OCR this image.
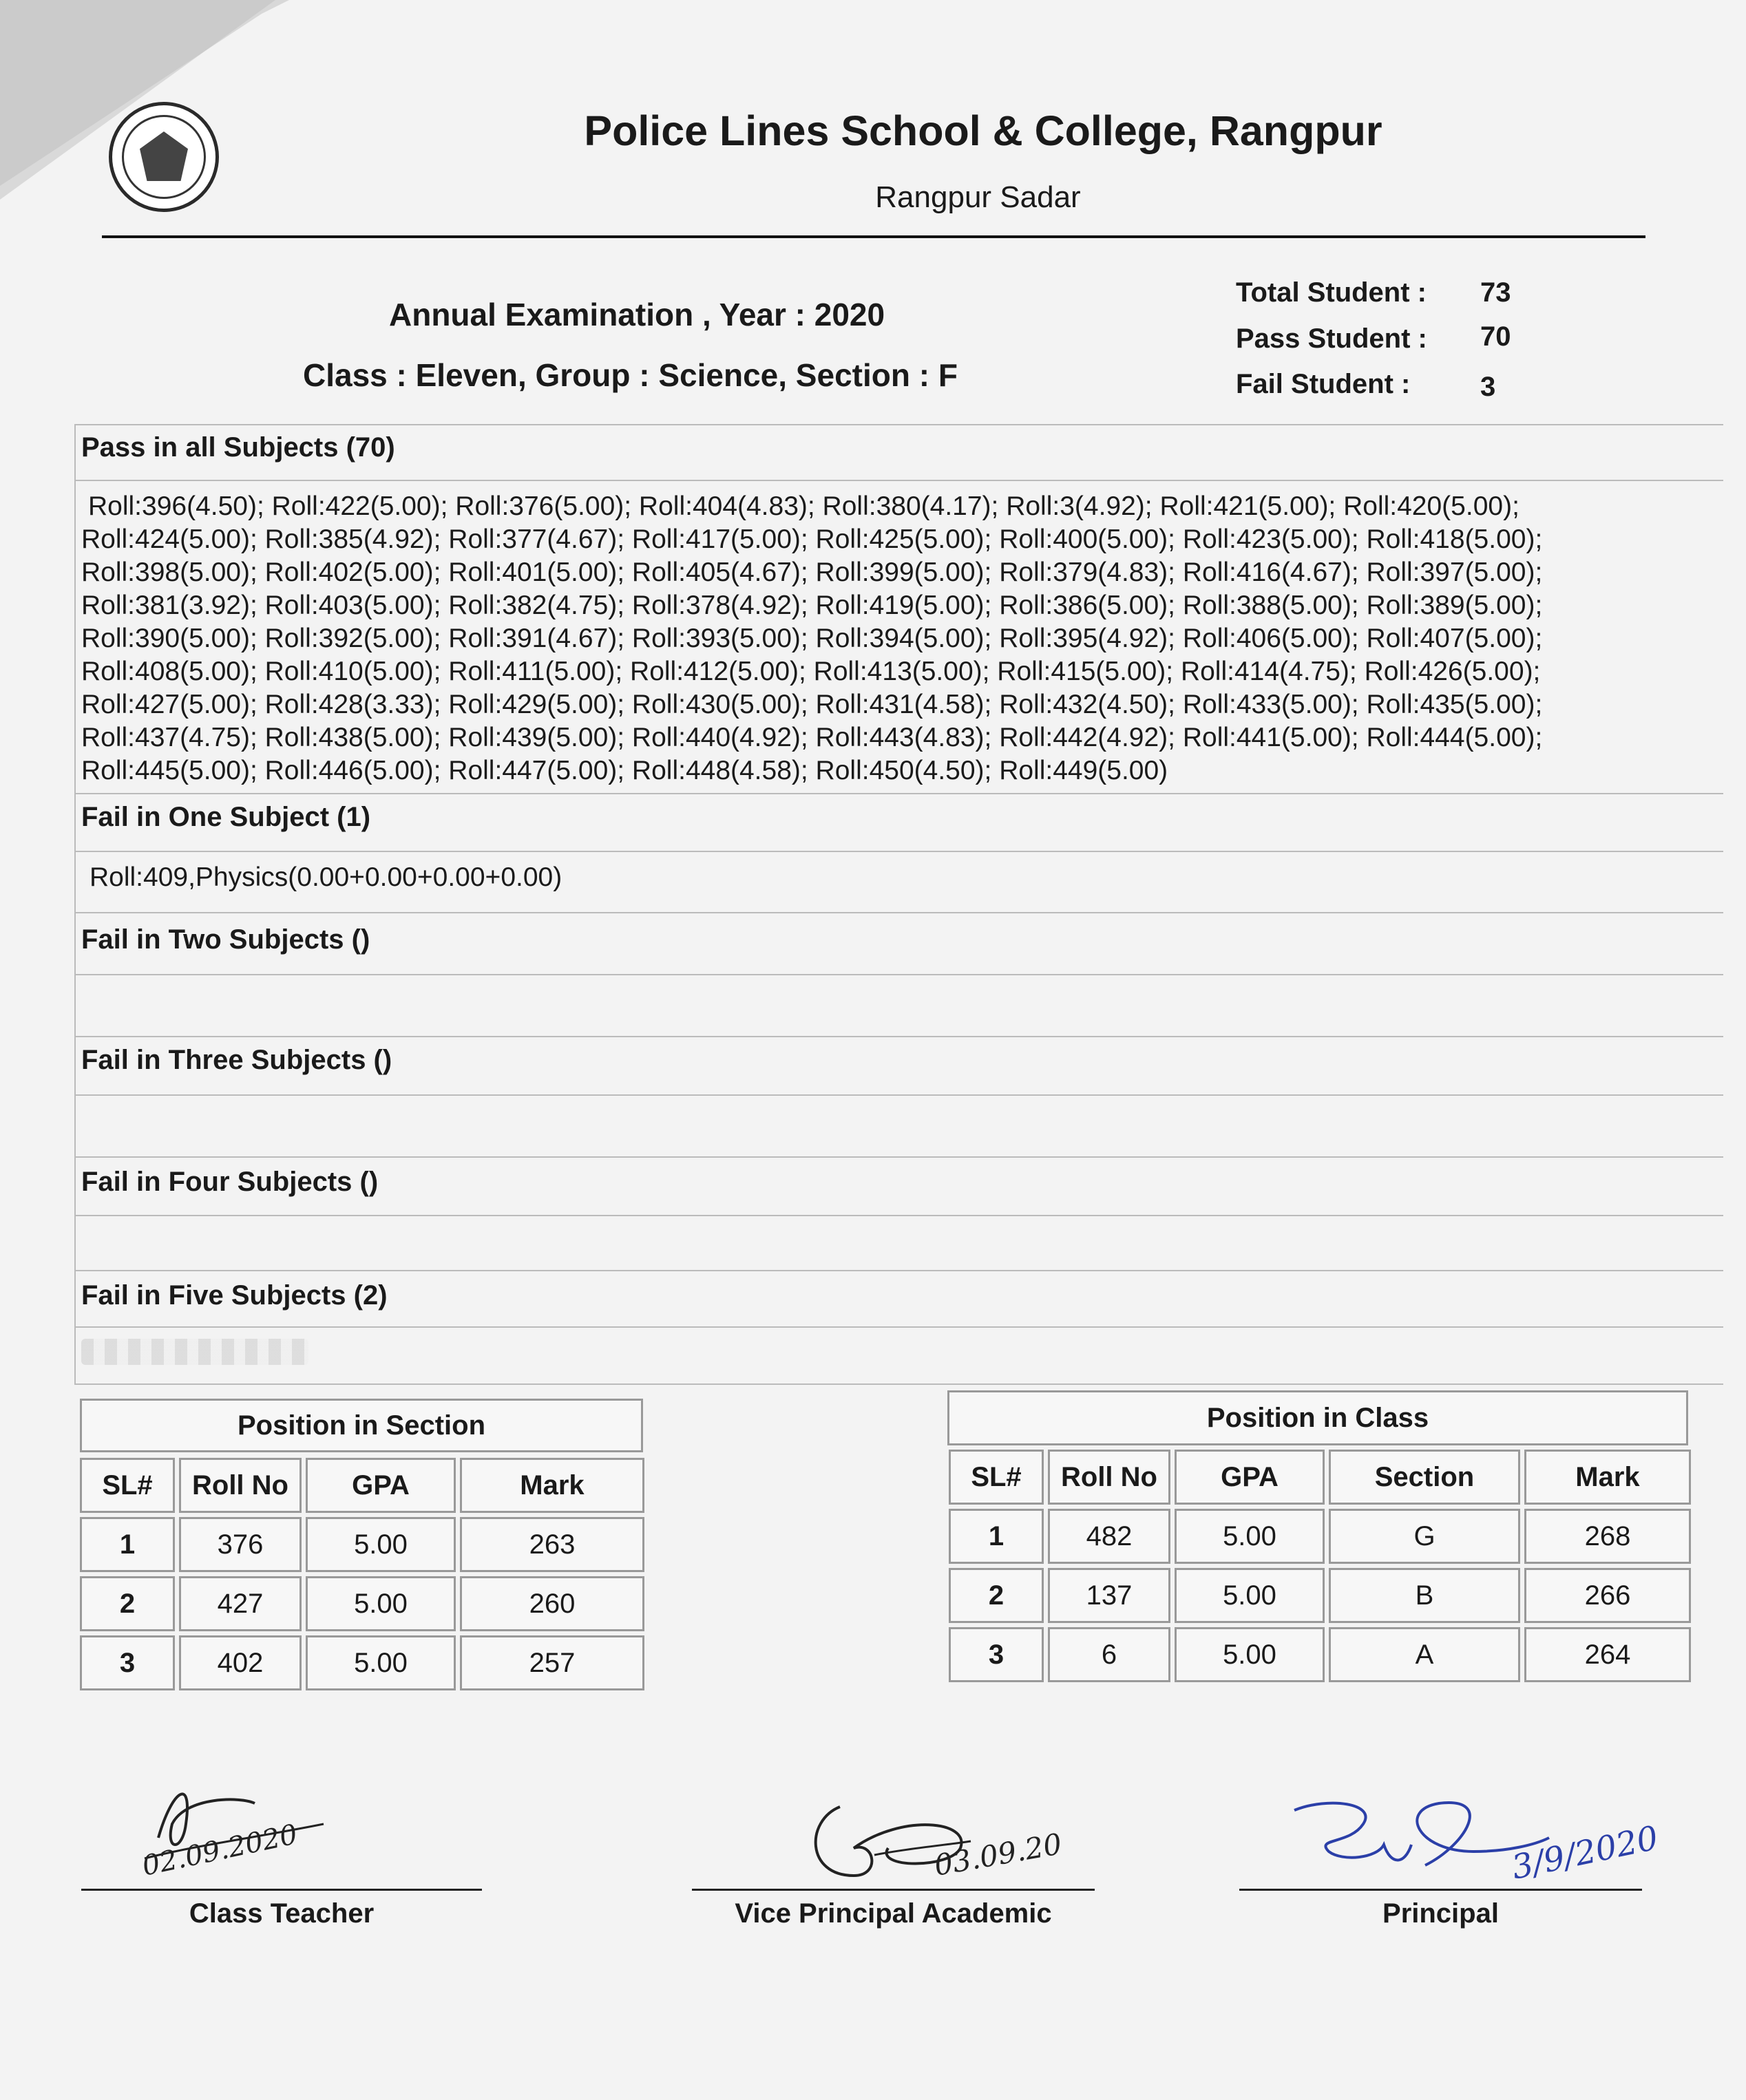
Police Lines School & College, Rangpur
Rangpur Sadar
Annual Examination , Year : 2020
Class : Eleven, Group : Science, Section : F
Total Student : 73
Pass Student : 70
Fail Student :	3
Pass in all Subjects (70)
Roll:396(4.50); Roll:422(5.00); Roll:376(5.00); Roll:404(4.83); Roll:380(4.17); Roll:3(4.92); Roll:421(5.00); Roll:420(5.00);
Roll:424(5.00); Roll:385(4.92); Roll:377(4.67); Roll:417(5.00); Roll:425(5.00); Roll:400(5.00); Roll:423(5.00); Roll:418(5.00);
Roll:398(5.00); Roll:402(5.00); Roll:401(5.00); Roll:405(4.67); Roll:399(5.00); Roll:379(4.83); Roll:416(4.67); Roll:397(5.00);
Roll:381(3.92); Roll:403(5.00); Roll:382(4.75); Roll:378(4.92); Roll:419(5.00); Roll:386(5.00); Roll:388(5.00); Roll:389(5.00);
Roll:390(5.00); Roll:392(5.00); Roll:391(4.67); Roll:393(5.00); Roll:394(5.00); Roll:395(4.92); Roll:406(5.00); Roll:407(5.00);
Roll:408(5.00); Roll:410(5.00); Roll:411(5.00); Roll:412(5.00); Roll:413(5.00); Roll:415(5.00); Roll:414(4.75); Roll:426(5.00);
Roll:427(5.00); Roll:428(3.33); Roll:429(5.00); Roll:430(5.00); Roll:431(4.58); Roll:432(4.50); Roll:433(5.00); Roll:435(5.00);
Roll:437(4.75); Roll:438(5.00); Roll:439(5.00); Roll:440(4.92); Roll:443(4.83); Roll:442(4.92); Roll:441(5.00); Roll:444(5.00);
Roll:445(5.00); Roll:446(5.00); Roll:447(5.00); Roll:448(4.58); Roll:450(4.50); Roll:449(5.00)
Fail in One Subject (1)
Roll:409,Physics(0.00+0.00+0.00+0.00)
Fail in Two Subjects ()
Fail in Three Subjects ()
Fail in Four Subjects ()
Fail in Five Subjects (2)
Position in Section
SL#	Roll No	GPA	Mark
1	376	5.00	263
2	427	5.00	260
3	402	5.00	257
Position in Class
SL#	Roll No	GPA	Section	Mark
1	482	5.00	G	268
2	137	5.00	B	266
3	6	5.00	A	264
02.09.2020	03.09.20	3/9/2020
Class Teacher	Vice Principal Academic	Principal
